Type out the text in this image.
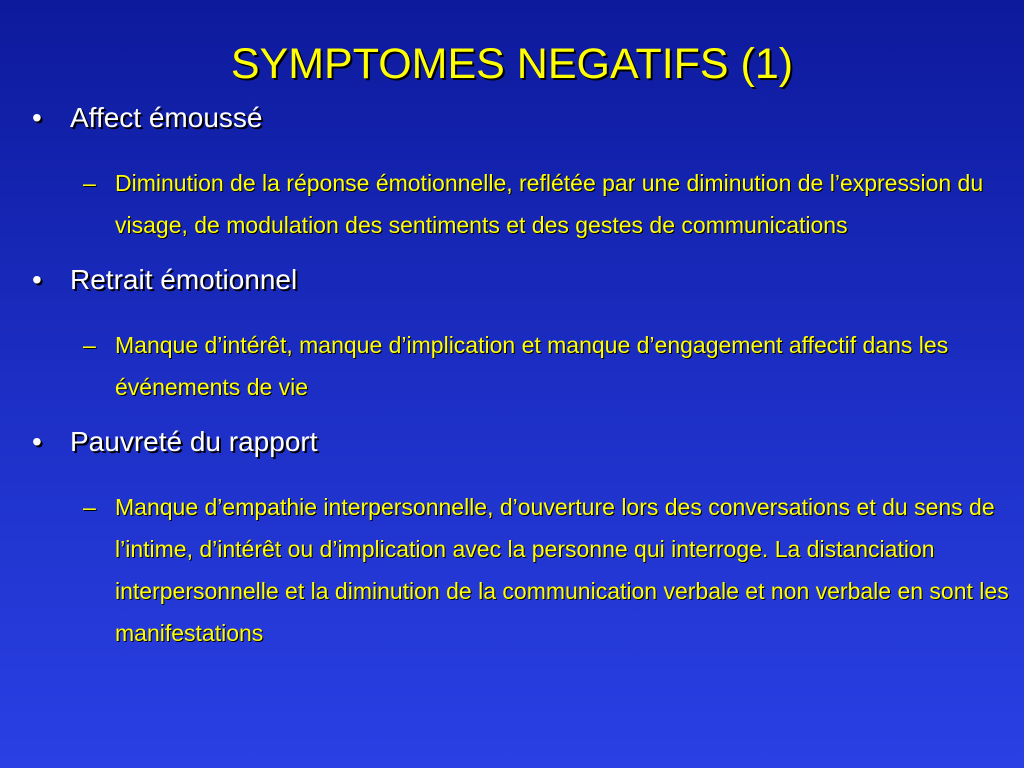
SYMPTOMES NEGATIFS (1)
• Affect émoussé
– Diminution de la réponse émotionnelle, reflétée par une diminution de l’expression du visage, de modulation des sentiments et des gestes de communications
• Retrait émotionnel
– Manque d’intérêt, manque d’implication et manque d’engagement affectif dans les événements de vie
• Pauvreté du rapport
– Manque d’empathie interpersonnelle, d’ouverture lors des conversations et du sens de l’intime, d’intérêt ou d’implication avec la personne qui interroge. La distanciation interpersonnelle et la diminution de la communication verbale et non verbale en sont les manifestations
